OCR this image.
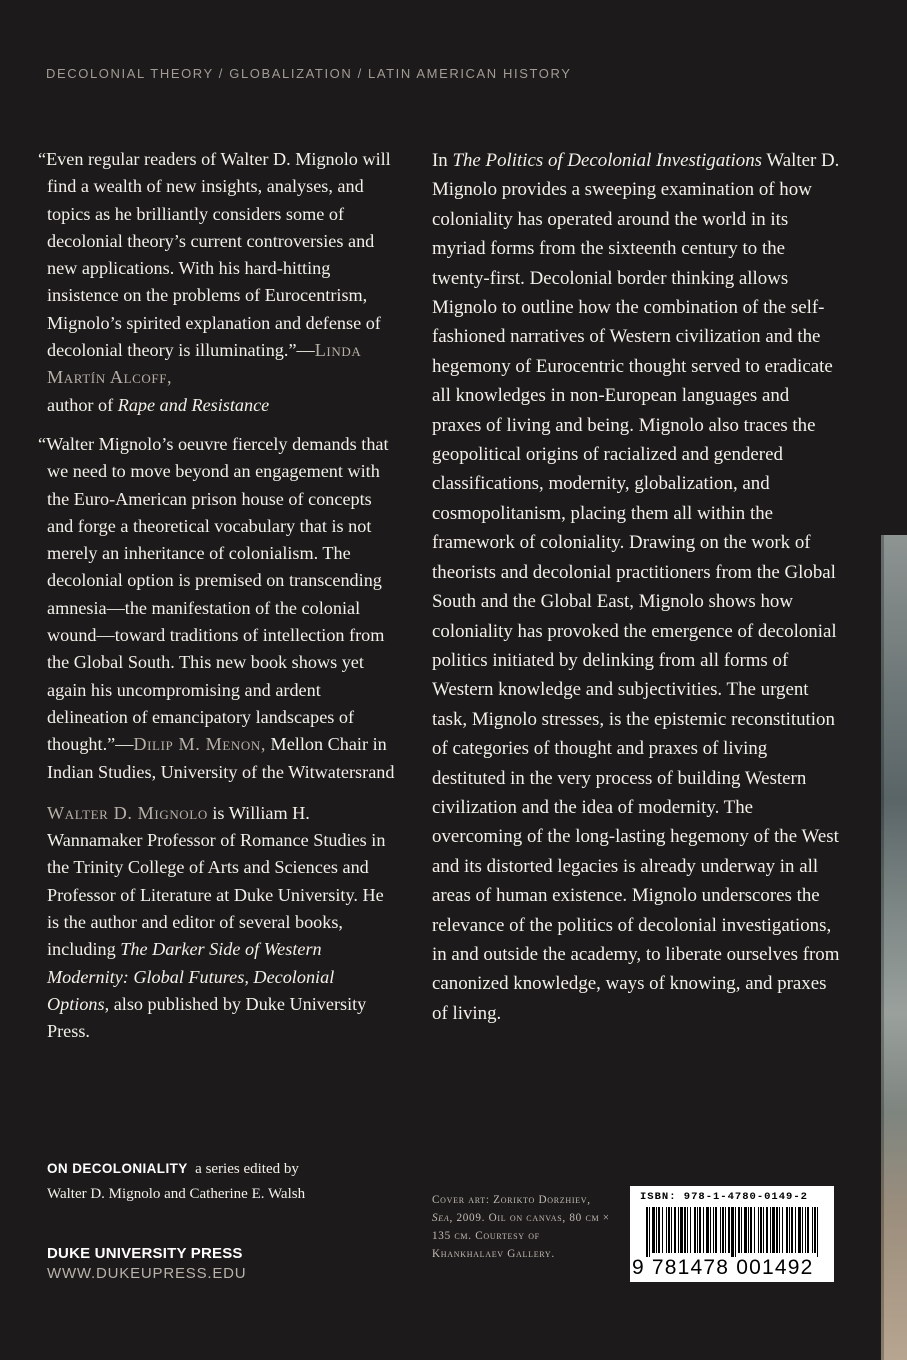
DECOLONIAL THEORY / GLOBALIZATION / LATIN AMERICAN HISTORY

“Even regular readers of Walter D. Mignolo will find a wealth of new insights, analyses, and topics as he brilliantly considers some of decolonial theory’s current controversies and new applications. With his hard-hitting insistence on the problems of Eurocentrism, Mignolo’s spirited explanation and defense of decolonial theory is illuminating.”—Linda Martín Alcoff,
author of Rape and Resistance

“Walter Mignolo’s oeuvre fiercely demands that we need to move beyond an engagement with the Euro-American prison house of concepts and forge a theoretical vocabulary that is not merely an inheritance of colonialism. The decolonial option is premised on transcending amnesia—the manifestation of the colonial wound—toward traditions of intellection from the Global South. This new book shows yet again his uncompromising and ardent delineation of emancipatory landscapes of thought.”—Dilip M. Menon, Mellon Chair in Indian Studies, University of the Witwatersrand

Walter D. Mignolo is William H. Wannamaker Professor of Romance Studies in the Trinity College of Arts and Sciences and Professor of Literature at Duke University. He is the author and editor of several books, including The Darker Side of Western Modernity: Global Futures, Decolonial Options, also published by Duke University Press.

In The Politics of Decolonial Investigations Walter D. Mignolo provides a sweeping examination of how coloniality has operated around the world in its myriad forms from the sixteenth century to the twenty-first. Decolonial border thinking allows Mignolo to outline how the combination of the self-fashioned narratives of Western civilization and the hegemony of Eurocentric thought served to eradicate all knowledges in non-European languages and praxes of living and being. Mignolo also traces the geopolitical origins of racialized and gendered classifications, modernity, globalization, and cosmopolitanism, placing them all within the framework of coloniality. Drawing on the work of theorists and decolonial practitioners from the Global South and the Global East, Mignolo shows how coloniality has provoked the emergence of decolonial politics initiated by delinking from all forms of Western knowledge and subjectivities. The urgent task, Mignolo stresses, is the epistemic reconstitution of categories of thought and praxes of living destituted in the very process of building Western civilization and the idea of modernity. The overcoming of the long-lasting hegemony of the West and its distorted legacies is already underway in all areas of human existence. Mignolo underscores the relevance of the politics of decolonial investigations, in and outside the academy, to liberate ourselves from canonized knowledge, ways of knowing, and praxes of living.

ON DECOLONIALITY a series edited by
Walter D. Mignolo and Catherine E. Walsh
DUKE UNIVERSITY PRESS
WWW.DUKEUPRESS.EDU
Cover art: Zorikto Dorzhiev, Sea, 2009. Oil on canvas, 80 cm × 135 cm. Courtesy of Khankhalaev Gallery.
ISBN: 978-1-4780-0149-2
9 781478 001492
